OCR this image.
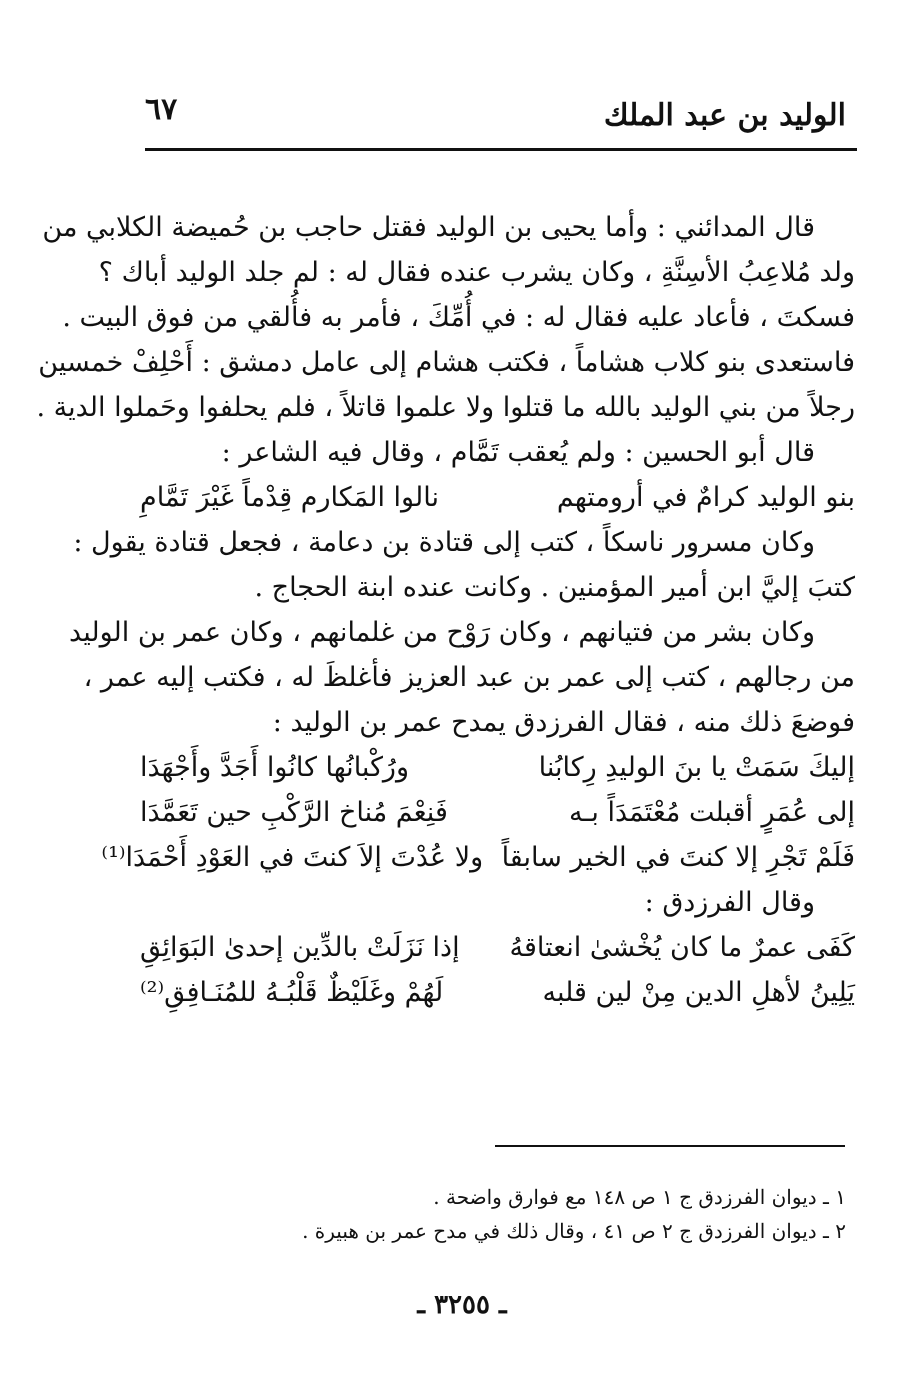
الوليد بن عبد الملك
٦٧
قال المدائني : وأما يحيى بن الوليد فقتل حاجب بن حُميضة الكلابي من
ولد مُلاعِبُ الأسِنَّةِ ، وكان يشرب عنده فقال له : لم جلد الوليد أباك ؟
فسكتَ ، فأعاد عليه فقال له : في أُمِّكَ ، فأمر به فأُلقي من فوق البيت .
فاستعدى بنو كلاب هشاماً ، فكتب هشام إلى عامل دمشق : أَحْلِفْ خمسين
رجلاً من بني الوليد بالله ما قتلوا ولا علموا قاتلاً ، فلم يحلفوا وحَملوا الدية .
قال أبو الحسين : ولم يُعقب تَمَّام ، وقال فيه الشاعر :
بنو الوليد كرامٌ في أرومتهم
نالوا المَكارم قِدْماً غَيْرَ تَمَّامِ
وكان مسرور ناسكاً ، كتب إلى قتادة بن دعامة ، فجعل قتادة يقول :
كتبَ إليَّ ابن أمير المؤمنين . وكانت عنده ابنة الحجاج .
وكان بشر من فتيانهم ، وكان رَوْح من غلمانهم ، وكان عمر بن الوليد
من رجالهم ، كتب إلى عمر بن عبد العزيز فأغلظَ له ، فكتب إليه عمر ،
فوضعَ ذلك منه ، فقال الفرزدق يمدح عمر بن الوليد :
إليكَ سَمَتْ يا بنَ الوليدِ رِكابُنا
ورُكْبانُها كانُوا أَجَدَّ وأَجْهَدَا
إلى عُمَرٍ أقبلت مُعْتَمَدَاً بـه
فَنِعْمَ مُناخ الرَّكْبِ حين تَعَمَّدَا
فَلَمْ تَجْرِ إلا كنتَ في الخير سابقاً
ولا عُدْتَ إلاَ كنتَ في العَوْدِ أَحْمَدَا⁽¹⁾
وقال الفرزدق :
كَفَى عمرٌ ما كان يُخْشىٰ انعتاقهُ
إذا نَزَلَتْ بالدِّين إحدىٰ البَوَائِقِ
يَلِينُ لأهلِ الدين مِنْ لين قلبه
لَهُمْ وغَلَيْظٌ قَلْبُـهُ للمُنَـافِقِ⁽²⁾
١ ـ ديوان الفرزدق ج ١ ص ١٤٨ مع فوارق واضحة .
٢ ـ ديوان الفرزدق ج ٢ ص ٤١ ، وقال ذلك في مدح عمر بن هبيرة .
ـ ٣٢٥٥ ـ
